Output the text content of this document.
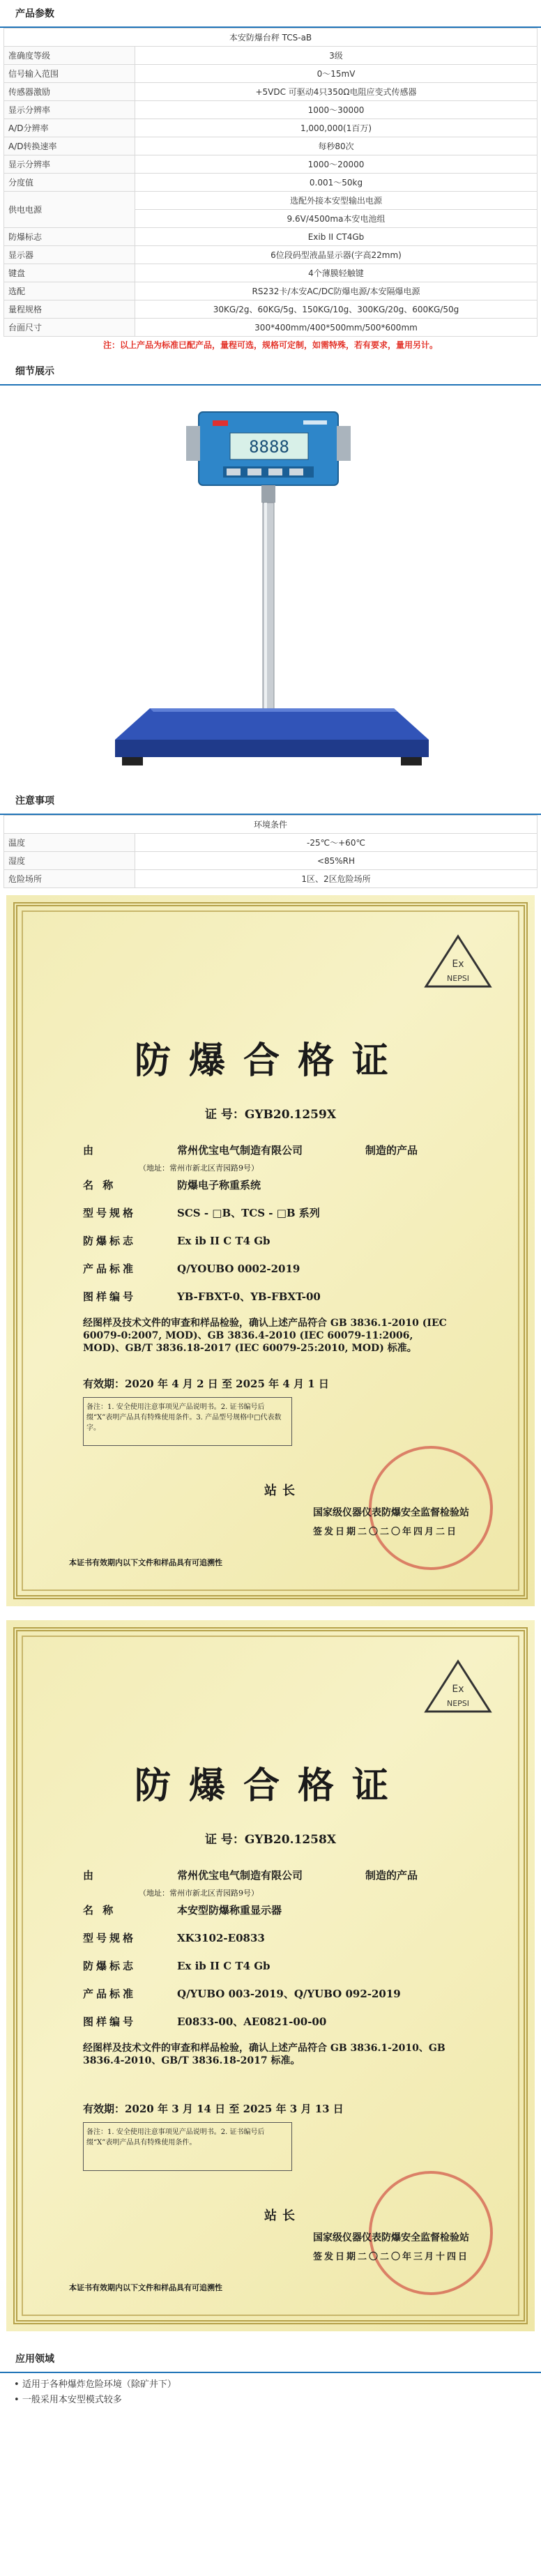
产品参数
本安防爆台秤 TCS-aB	
准确度等级	3级
信号输入范围	0～15mV
传感器激励	+5VDC 可驱动4只350Ω电阻应变式传感器
显示分辨率	1000～30000
A/D分辨率	1,000,000(1百万)
A/D转换速率	每秒80次
显示分辨率	1000～20000
分度值	0.001～50kg
供电电源	选配外接本安型输出电源
	9.6V/4500ma本安电池组
防爆标志	Exib II CT4Gb
显示器	6位段码型液晶显示器(字高22mm)
键盘	4个薄膜轻触键
选配	RS232卡/本安AC/DC防爆电源/本安隔爆电源
量程规格	30KG/2g、60KG/5g、150KG/10g、300KG/20g、600KG/50g
台面尺寸	300*400mm/400*500mm/500*600mm
注：以上产品为标准已配产品，量程可选，规格可定制，如需特殊，若有要求，量用另计。
细节展示
8888
注意事项
环境条件	
温度	-25℃～+60℃
湿度	<85%RH
危险场所	1区、2区危险场所
Ex
NEPSI
防爆合格证
证 号：GYB20.1259X
由	常州优宝电气制造有限公司	制造的产品
（地址：常州市新北区青园路9号）
名 称	防爆电子称重系统
型号规格	SCS - □B、TCS - □B 系列
防爆标志	Ex ib II C T4 Gb
产品标准	Q/YOUBO 0002-2019
图样编号	YB-FBXT-0、YB-FBXT-00
经图样及技术文件的审查和样品检验，确认上述产品符合 GB 3836.1-2010 (IEC 60079-0:2007, MOD)、GB 3836.4-2010 (IEC 60079-11:2006, MOD)、GB/T 3836.18-2017 (IEC 60079-25:2010, MOD) 标准。
有效期：2020 年 4 月 2 日 至 2025 年 4 月 1 日
备注：1. 安全使用注意事项见产品说明书。2. 证书编号后缀“X”表明产品具有特殊使用条件。3. 产品型号规格中□代表数字。
站长
国家级仪器仪表防爆安全监督检验站
签发日期二〇二〇年四月二日
本证书有效期内以下文件和样品具有可追溯性
Ex
NEPSI
防爆合格证
证 号：GYB20.1258X
由	常州优宝电气制造有限公司	制造的产品
（地址：常州市新北区青园路9号）
名 称	本安型防爆称重显示器
型号规格	XK3102-E0833
防爆标志	Ex ib II C T4 Gb
产品标准	Q/YUBO 003-2019、Q/YUBO 092-2019
图样编号	E0833-00、AE0821-00-00
经图样及技术文件的审查和样品检验，确认上述产品符合 GB 3836.1-2010、GB 3836.4-2010、GB/T 3836.18-2017 标准。
有效期：2020 年 3 月 14 日 至 2025 年 3 月 13 日
备注：1. 安全使用注意事项见产品说明书。2. 证书编号后缀“X”表明产品具有特殊使用条件。
站长
国家级仪器仪表防爆安全监督检验站
签发日期二〇二〇年三月十四日
本证书有效期内以下文件和样品具有可追溯性
应用领域
• 适用于各种爆炸危险环境（除矿井下）
• 一般采用本安型模式较多
